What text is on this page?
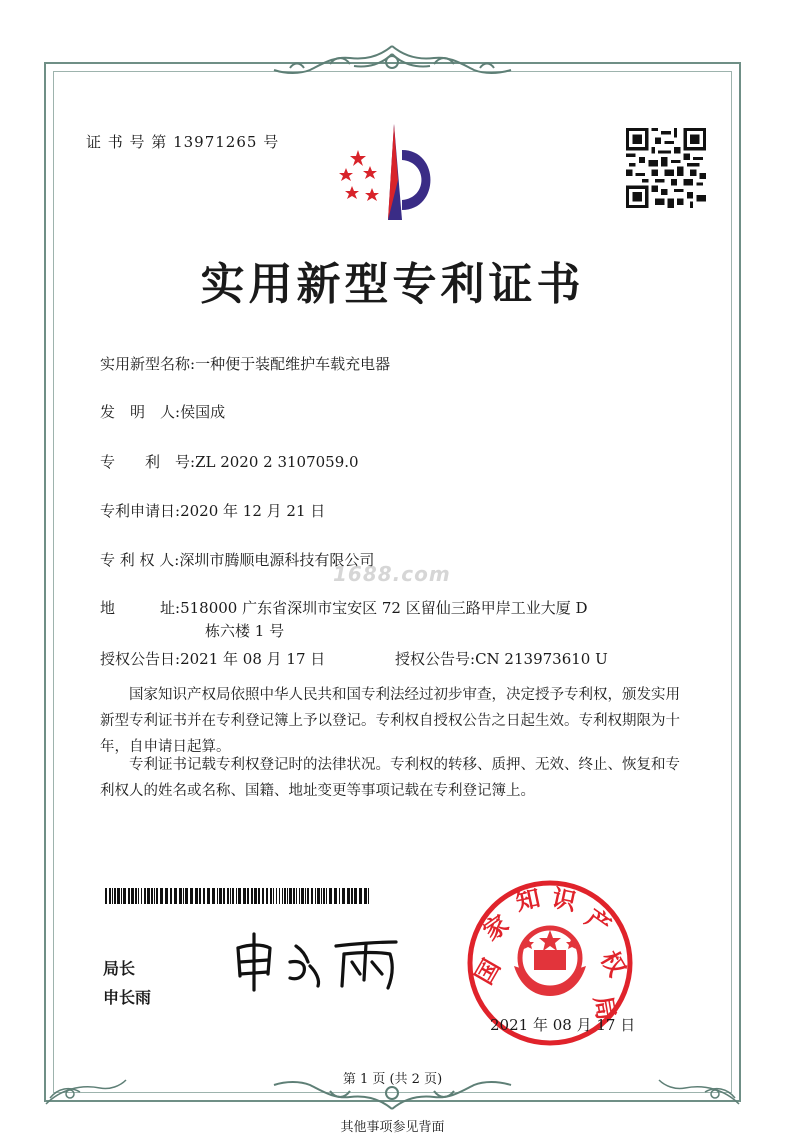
证 书 号 第 13971265 号
实用新型专利证书
实用新型名称:一种便于装配维护车载充电器
发　明　人:侯国成
专　　利　号:ZL 2020 2 3107059.0
专利申请日:2020 年 12 月 21 日
专 利 权 人:深圳市腾顺电源科技有限公司
1688.com
地　　　址:518000 广东省深圳市宝安区 72 区留仙三路甲岸工业大厦 D
栋六楼 1 号
授权公告日:2021 年 08 月 17 日	授权公告号:CN 213973610 U
国家知识产权局依照中华人民共和国专利法经过初步审查，决定授予专利权，颁发实用新型专利证书并在专利登记簿上予以登记。专利权自授权公告之日起生效。专利权期限为十年，自申请日起算。
专利证书记载专利权登记时的法律状况。专利权的转移、质押、无效、终止、恢复和专利权人的姓名或名称、国籍、地址变更等事项记载在专利登记簿上。
局长
申长雨
国
家
知 识
产
权
局
2021 年 08 月 17 日
第 1 页 (共 2 页)
其他事项参见背面
